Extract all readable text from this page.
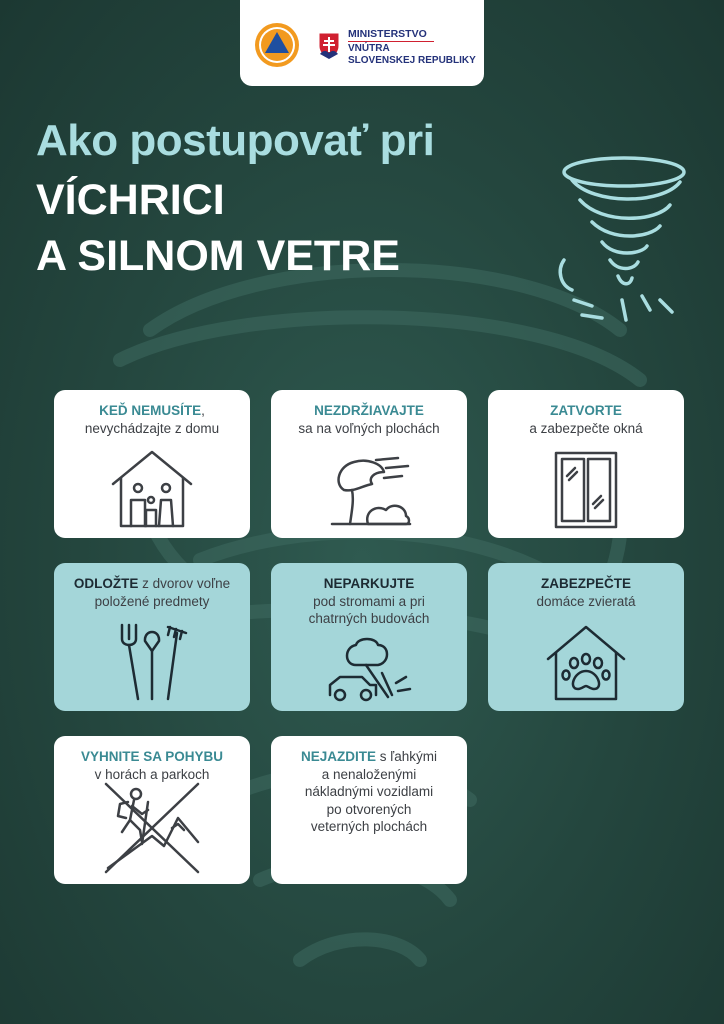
MINISTERSTVO
VNÚTRA
SLOVENSKEJ REPUBLIKY
Ako postupovať pri
VÍCHRICI
A SILNOM VETRE
KEĎ NEMUSÍTE,
nevychádzajte z domu
NEZDRŽIAVAJTE
sa na voľných plochách
ZATVORTE
a zabezpečte okná
ODLOŽTE z dvorov voľne
položené predmety
NEPARKUJTE
pod stromami a pri
chatrných budovách
ZABEZPEČTE
domáce zvieratá
VYHNITE SA POHYBU
v horách a parkoch
NEJAZDITE s ľahkými
a nenaloženými
nákladnými vozidlami
po otvorených
veterných plochách
